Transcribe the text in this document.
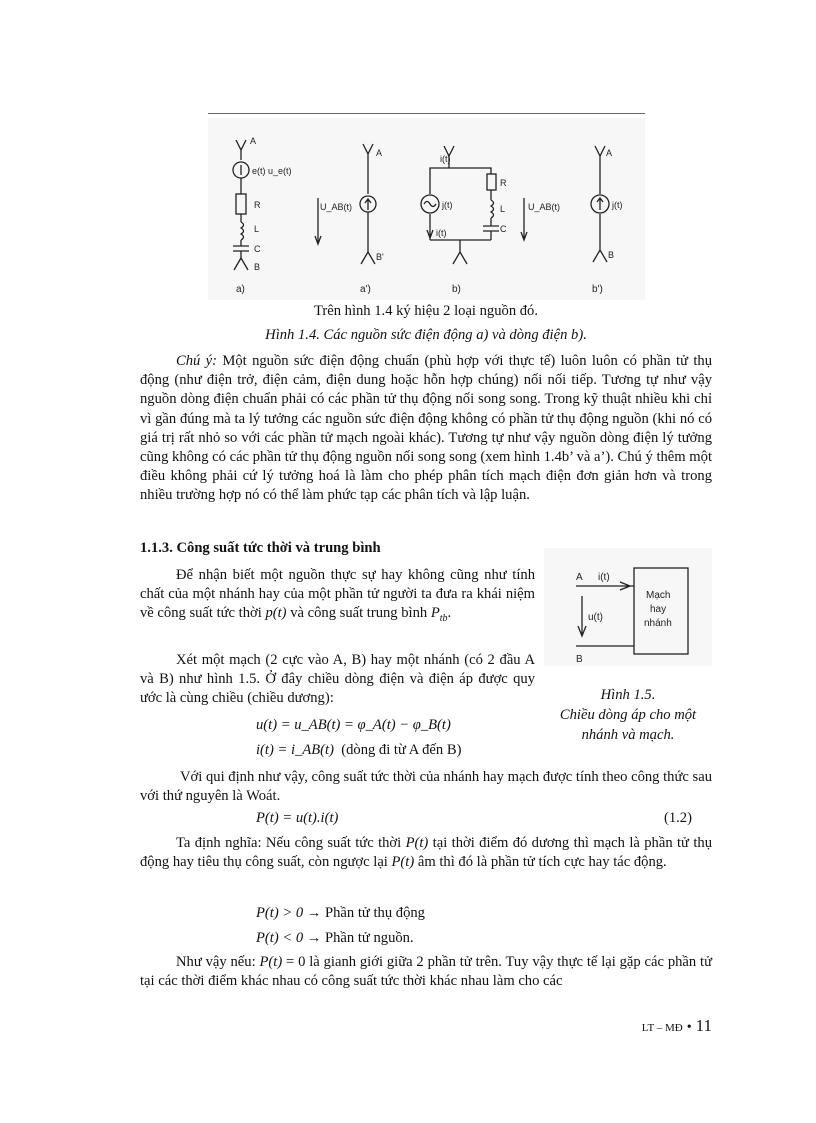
A
e(t) u_e(t)
R
L
C
B
U_AB(t)
A
B'
i(t)
j(t)
R
L
C
i(t)
U_AB(t)
A
j(t)
B
a)	a')	b)	b')
Trên hình 1.4 ký hiệu 2 loại nguồn đó.
Hình 1.4. Các nguồn sức điện động a) và dòng điện b).
Chú ý: Một nguồn sức điện động chuẩn (phù hợp với thực tế) luôn luôn có phần tử thụ động (như điện trở, điện cảm, điện dung hoặc hỗn hợp chúng) nối nối tiếp. Tương tự như vậy nguồn dòng điện chuẩn phải có các phần tử thụ động nối song song. Trong kỹ thuật nhiều khi chỉ vì gần đúng mà ta lý tưởng các nguồn sức điện động không có phần tử thụ động nguồn (khi nó có giá trị rất nhỏ so với các phần tử mạch ngoài khác). Tương tự như vậy nguồn dòng điện lý tưởng cũng không có các phần tử thụ động nguồn nối song song (xem hình 1.4b’ và a’). Chú ý thêm một điều không phải cứ lý tưởng hoá là làm cho phép phân tích mạch điện đơn giản hơn và trong nhiều trường hợp nó có thể làm phức tạp các phân tích và lập luận.
1.1.3. Công suất tức thời và trung bình
Để nhận biết một nguồn thực sự hay không cũng như tính chất của một nhánh hay của một phần tử người ta đưa ra khái niệm về công suất tức thời p(t) và công suất trung bình $P_{tb}$.
Xét một mạch (2 cực vào A, B) hay một nhánh (có 2 đầu A và B) như hình 1.5. Ở đây chiều dòng điện và điện áp được quy ước là cùng chiều (chiều dương):
u(t) = u_AB(t) = φ_A(t) − φ_B(t)
i(t) = i_AB(t) (dòng đi từ A đến B)
A i(t)
u(t)
B
Mạch
hay
nhánh
Hình 1.5.
Chiều dòng áp cho một
nhánh và mạch.
Với qui định như vậy, công suất tức thời của nhánh hay mạch được tính theo công thức sau với thứ nguyên là Woát.
P(t) = u(t).i(t)	(1.2)
Ta định nghĩa: Nếu công suất tức thời P(t) tại thời điểm đó dương thì mạch là phần tử thụ động hay tiêu thụ công suất, còn ngược lại P(t) âm thì đó là phần tử tích cực hay tác động.
P(t) > 0 → Phần tử thụ động
P(t) < 0 → Phần tử nguồn.
Như vậy nếu: P(t) = 0 là gianh giới giữa 2 phần tử trên. Tuy vậy thực tế lại gặp các phần tử tại các thời điểm khác nhau có công suất tức thời khác nhau làm cho các
LT – MĐ • 11
